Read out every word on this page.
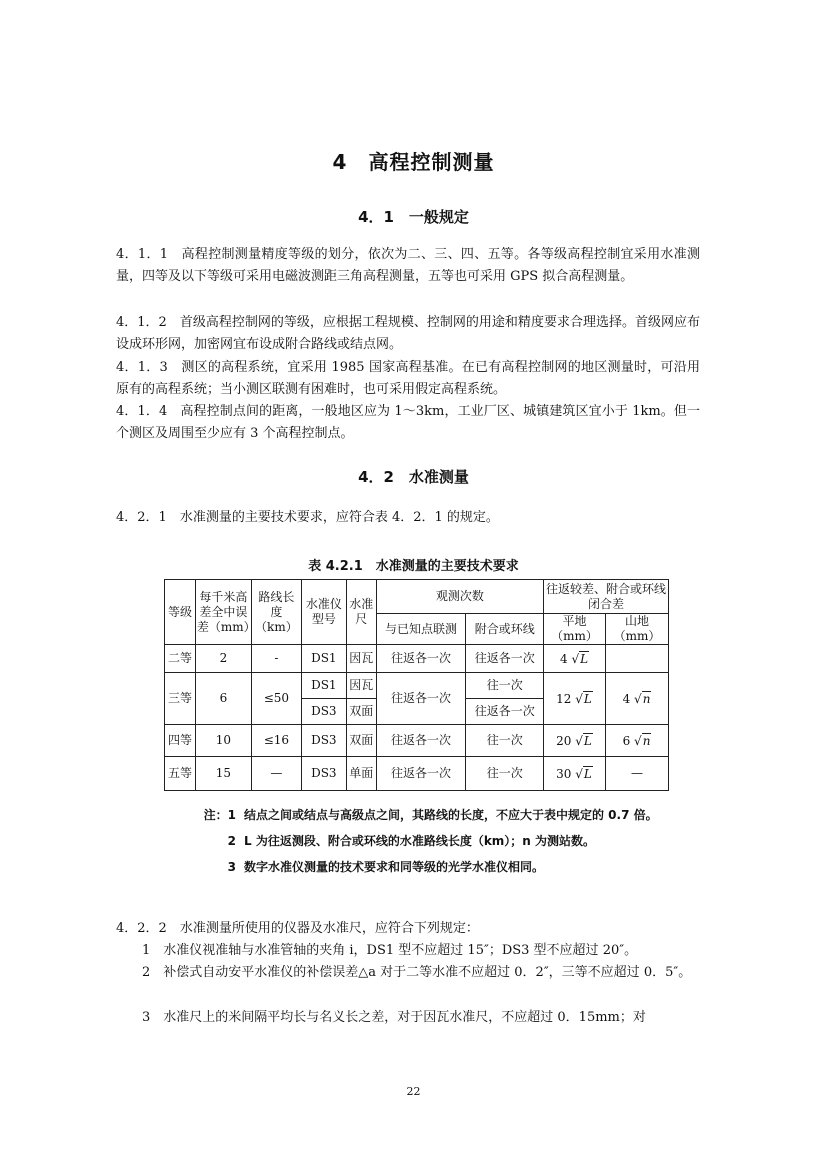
4　高程控制测量
4．1　一般规定

4．1．1　高程控制测量精度等级的划分，依次为二、三、四、五等。各等级高程控制宜采用水准测量，四等及以下等级可采用电磁波测距三角高程测量，五等也可采用 GPS 拟合高程测量。

4．1．2　首级高程控制网的等级，应根据工程规模、控制网的用途和精度要求合理选择。首级网应布设成环形网，加密网宜布设成附合路线或结点网。

4．1．3　测区的高程系统，宜采用 1985 国家高程基准。在已有高程控制网的地区测量时，可沿用原有的高程系统；当小测区联测有困难时，也可采用假定高程系统。

4．1．4　高程控制点间的距离，一般地区应为 1～3km，工业厂区、城镇建筑区宜小于 1km。但一个测区及周围至少应有 3 个高程控制点。

4．2　水准测量

4．2．1　水准测量的主要技术要求，应符合表 4．2．1 的规定。

表 4.2.1　水准测量的主要技术要求
等级	每千米高差全中误差（mm）	路线长度（km）	水准仪型号	水准尺	观测次数		往返较差、附合或环线闭合差	
					与已知点联测	附合或环线	平地（mm）	山地（mm）
二等	2	-	DS1	因瓦	往返各一次	往返各一次	4 √L	
三等	6	≤50	DS1	因瓦	往返各一次	往一次	12 √L	4 √n
			DS3	双面		往返各一次		
四等	10	≤16	DS3	双面	往返各一次	往一次	20 √L	6 √n
五等	15	—	DS3	单面	往返各一次	往一次	30 √L	—
注：1 结点之间或结点与高级点之间，其路线的长度，不应大于表中规定的 0.7 倍。
2 L 为往返测段、附合或环线的水准路线长度（km）；n 为测站数。
3 数字水准仪测量的技术要求和同等级的光学水准仪相同。

4．2．2　水准测量所使用的仪器及水准尺，应符合下列规定：

1　水准仪视准轴与水准管轴的夹角 i，DS1 型不应超过 15″；DS3 型不应超过 20″。

2　补偿式自动安平水准仪的补偿误差△a 对于二等水准不应超过 0．2″，三等不应超过 0．5″。

3　水准尺上的米间隔平均长与名义长之差，对于因瓦水准尺，不应超过 0．15mm；对

22
